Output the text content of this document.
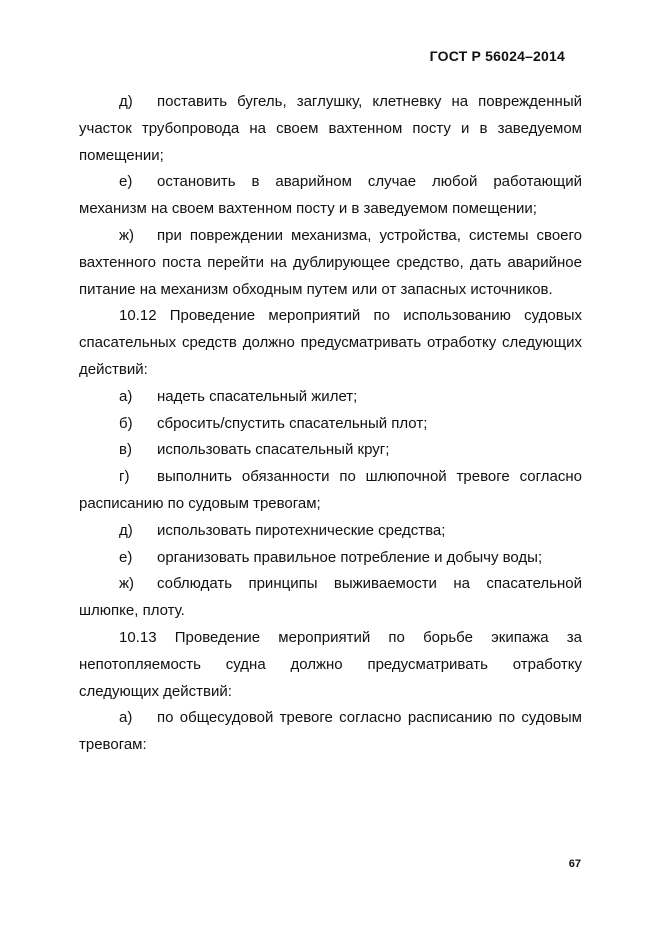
ГОСТ Р 56024–2014

д) поставить бугель, заглушку, клетневку на поврежденный участок трубопровода на своем вахтенном посту и в заведуемом помещении;

е) остановить в аварийном случае любой работающий механизм на своем вахтенном посту и в заведуемом помещении;

ж) при повреждении механизма, устройства, системы своего вахтенного поста перейти на дублирующее средство, дать аварийное питание на механизм обходным путем или от запасных источников.

10.12 Проведение мероприятий по использованию судовых спасательных средств должно предусматривать отработку следующих действий:

а) надеть спасательный жилет;

б) сбросить/спустить спасательный плот;

в) использовать спасательный круг;

г) выполнить обязанности по шлюпочной тревоге согласно расписанию по судовым тревогам;

д) использовать пиротехнические средства;

е) организовать правильное потребление и добычу воды;

ж) соблюдать принципы выживаемости на спасательной шлюпке, плоту.

10.13 Проведение мероприятий по борьбе экипажа за непотопляемость судна должно предусматривать отработку следующих действий:

а) по общесудовой тревоге согласно расписанию по судовым тревогам:

67
